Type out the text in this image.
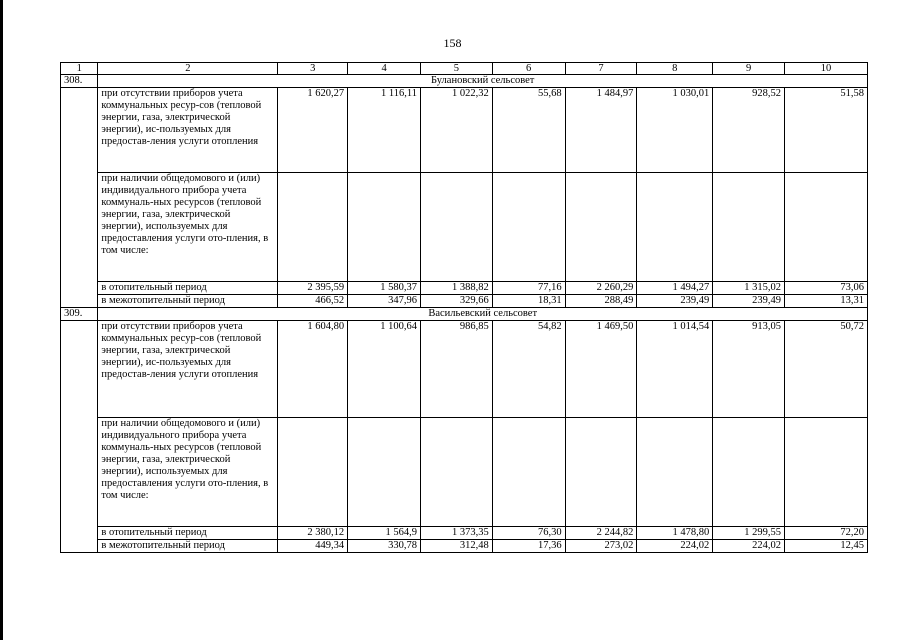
158
1	2	3	4	5	6	7	8	9	10
308.	Булановский сельсовет								
	при отсутствии приборов учета коммунальных ресур-сов (тепловой энергии, газа, электрической энергии), ис-пользуемых для предостав-ления услуги отопления	1 620,27	1 116,11	1 022,32	55,68	1 484,97	1 030,01	928,52	51,58
	при наличии общедомового и (или) индивидуального прибора учета коммуналь-ных ресурсов (тепловой энергии, газа, электрической энергии), используемых для предоставления услуги ото-пления, в том числе:								
	в отопительный период	2 395,59	1 580,37	1 388,82	77,16	2 260,29	1 494,27	1 315,02	73,06
	в межотопительный период	466,52	347,96	329,66	18,31	288,49	239,49	239,49	13,31
309.	Васильевский сельсовет								
	при отсутствии приборов учета коммунальных ресур-сов (тепловой энергии, газа, электрической энергии), ис-пользуемых для предостав-ления услуги отопления	1 604,80	1 100,64	986,85	54,82	1 469,50	1 014,54	913,05	50,72
	при наличии общедомового и (или) индивидуального прибора учета коммуналь-ных ресурсов (тепловой энергии, газа, электрической энергии), используемых для предоставления услуги ото-пления, в том числе:								
	в отопительный период	2 380,12	1 564,9	1 373,35	76,30	2 244,82	1 478,80	1 299,55	72,20
	в межотопительный период	449,34	330,78	312,48	17,36	273,02	224,02	224,02	12,45
